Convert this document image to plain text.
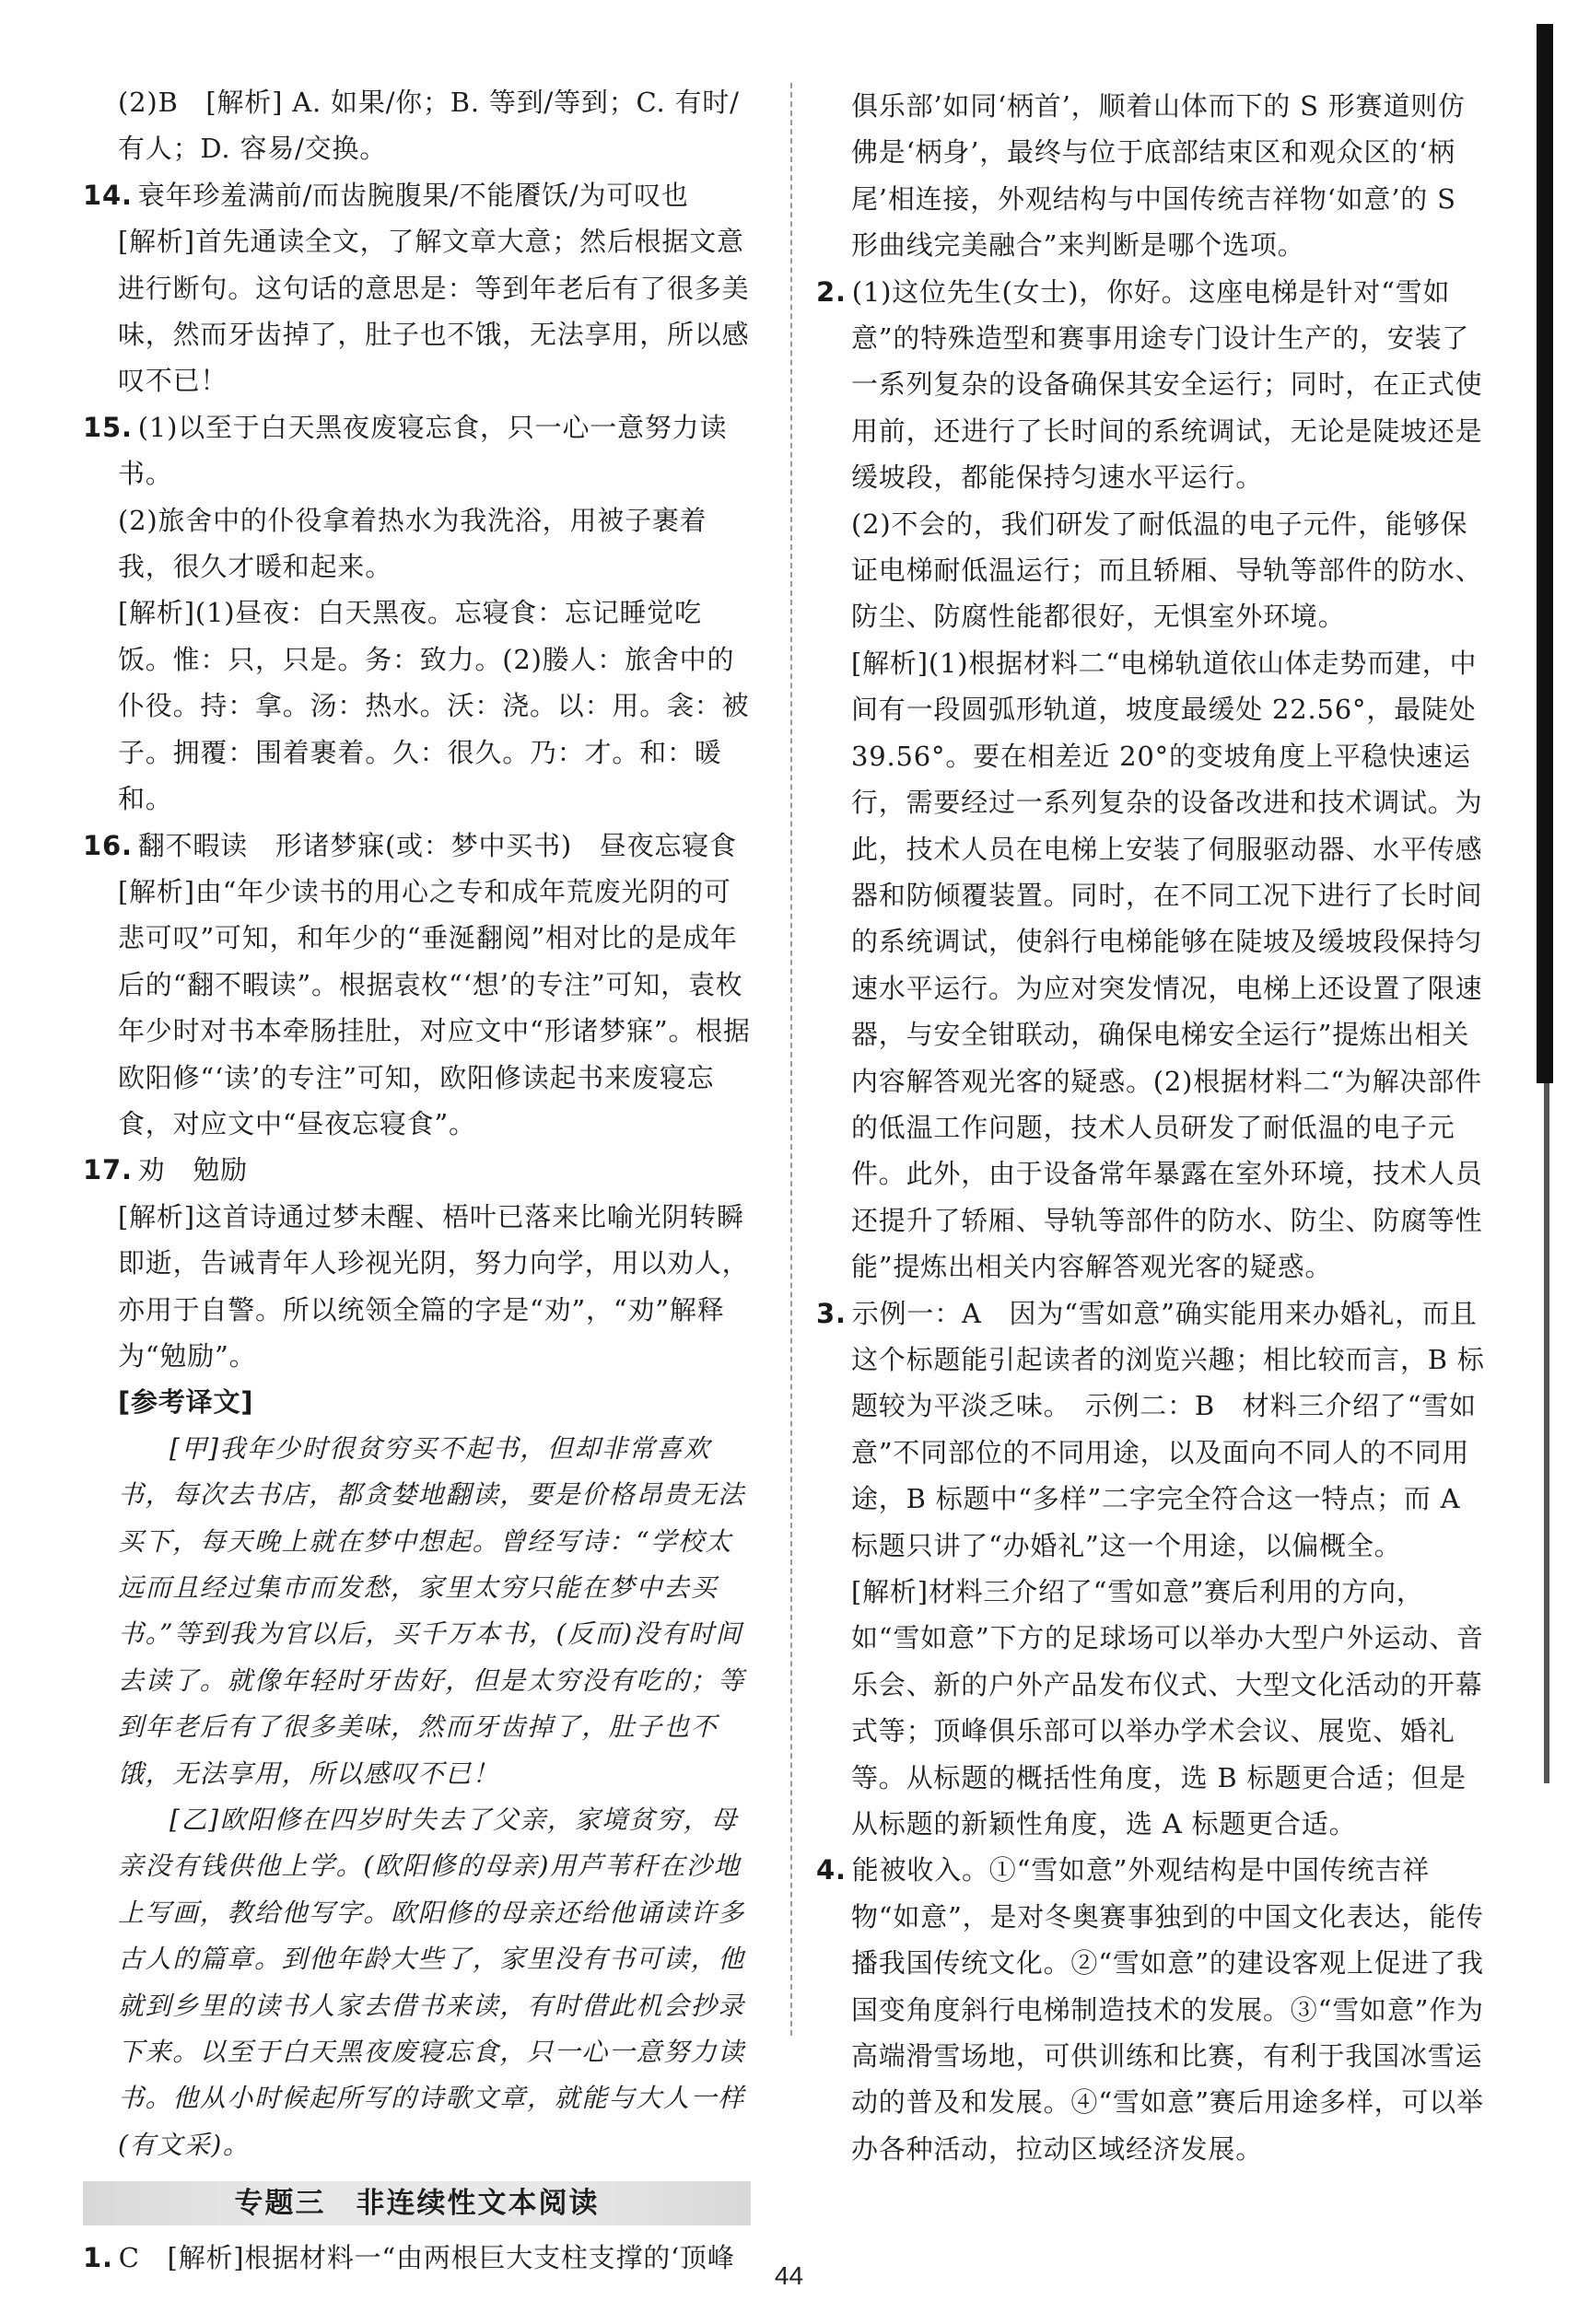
(2)B　[解析] A. 如果/你；B. 等到/等到；C. 有时/有人；D. 容易/交换。

14. 衰年珍羞满前/而齿腕腹果/不能餍饫/为可叹也

[解析]首先通读全文，了解文章大意；然后根据文意进行断句。这句话的意思是：等到年老后有了很多美味，然而牙齿掉了，肚子也不饿，无法享用，所以感叹不已！

15. (1)以至于白天黑夜废寝忘食，只一心一意努力读书。

(2)旅舍中的仆役拿着热水为我洗浴，用被子裹着我，很久才暖和起来。

[解析](1)昼夜：白天黑夜。忘寝食：忘记睡觉吃饭。惟：只，只是。务：致力。(2)媵人：旅舍中的仆役。持：拿。汤：热水。沃：浇。以：用。衾：被子。拥覆：围着裹着。久：很久。乃：才。和：暖和。

16. 翻不暇读　形诸梦寐(或：梦中买书)　昼夜忘寝食

[解析]由“年少读书的用心之专和成年荒废光阴的可悲可叹”可知，和年少的“垂涎翻阅”相对比的是成年后的“翻不暇读”。根据袁枚“‘想’的专注”可知，袁枚年少时对书本牵肠挂肚，对应文中“形诸梦寐”。根据欧阳修“‘读’的专注”可知，欧阳修读起书来废寝忘食，对应文中“昼夜忘寝食”。

17. 劝　勉励

[解析]这首诗通过梦未醒、梧叶已落来比喻光阴转瞬即逝，告诫青年人珍视光阴，努力向学，用以劝人，亦用于自警。所以统领全篇的字是“劝”，“劝”解释为“勉励”。

[参考译文]

[甲]我年少时很贫穷买不起书，但却非常喜欢书，每次去书店，都贪婪地翻读，要是价格昂贵无法买下，每天晚上就在梦中想起。曾经写诗：“学校太远而且经过集市而发愁，家里太穷只能在梦中去买书。”等到我为官以后，买千万本书，(反而)没有时间去读了。就像年轻时牙齿好，但是太穷没有吃的；等到年老后有了很多美味，然而牙齿掉了，肚子也不饿，无法享用，所以感叹不已！

[乙]欧阳修在四岁时失去了父亲，家境贫穷，母亲没有钱供他上学。(欧阳修的母亲)用芦苇秆在沙地上写画，教给他写字。欧阳修的母亲还给他诵读许多古人的篇章。到他年龄大些了，家里没有书可读，他就到乡里的读书人家去借书来读，有时借此机会抄录下来。以至于白天黑夜废寝忘食，只一心一意努力读书。他从小时候起所写的诗歌文章，就能与大人一样(有文采)。

专题三　非连续性文本阅读

1. C　[解析]根据材料一“由两根巨大支柱支撑的‘顶峰

俱乐部’如同‘柄首’，顺着山体而下的 S 形赛道则仿佛是‘柄身’，最终与位于底部结束区和观众区的‘柄尾’相连接，外观结构与中国传统吉祥物‘如意’的 S 形曲线完美融合”来判断是哪个选项。

2. (1)这位先生(女士)，你好。这座电梯是针对“雪如意”的特殊造型和赛事用途专门设计生产的，安装了一系列复杂的设备确保其安全运行；同时，在正式使用前，还进行了长时间的系统调试，无论是陡坡还是缓坡段，都能保持匀速水平运行。

(2)不会的，我们研发了耐低温的电子元件，能够保证电梯耐低温运行；而且轿厢、导轨等部件的防水、防尘、防腐性能都很好，无惧室外环境。

[解析](1)根据材料二“电梯轨道依山体走势而建，中间有一段圆弧形轨道，坡度最缓处 22.56°，最陡处 39.56°。要在相差近 20°的变坡角度上平稳快速运行，需要经过一系列复杂的设备改进和技术调试。为此，技术人员在电梯上安装了伺服驱动器、水平传感器和防倾覆装置。同时，在不同工况下进行了长时间的系统调试，使斜行电梯能够在陡坡及缓坡段保持匀速水平运行。为应对突发情况，电梯上还设置了限速器，与安全钳联动，确保电梯安全运行”提炼出相关内容解答观光客的疑惑。(2)根据材料二“为解决部件的低温工作问题，技术人员研发了耐低温的电子元件。此外，由于设备常年暴露在室外环境，技术人员还提升了轿厢、导轨等部件的防水、防尘、防腐等性能”提炼出相关内容解答观光客的疑惑。

3. 示例一：A　因为“雪如意”确实能用来办婚礼，而且这个标题能引起读者的浏览兴趣；相比较而言，B 标题较为平淡乏味。　示例二：B　材料三介绍了“雪如意”不同部位的不同用途，以及面向不同人的不同用途，B 标题中“多样”二字完全符合这一特点；而 A 标题只讲了“办婚礼”这一个用途，以偏概全。

[解析]材料三介绍了“雪如意”赛后利用的方向，如“雪如意”下方的足球场可以举办大型户外运动、音乐会、新的户外产品发布仪式、大型文化活动的开幕式等；顶峰俱乐部可以举办学术会议、展览、婚礼等。从标题的概括性角度，选 B 标题更合适；但是从标题的新颖性角度，选 A 标题更合适。

4. 能被收入。①“雪如意”外观结构是中国传统吉祥物“如意”，是对冬奥赛事独到的中国文化表达，能传播我国传统文化。②“雪如意”的建设客观上促进了我国变角度斜行电梯制造技术的发展。③“雪如意”作为高端滑雪场地，可供训练和比赛，有利于我国冰雪运动的普及和发展。④“雪如意”赛后用途多样，可以举办各种活动，拉动区域经济发展。

44
